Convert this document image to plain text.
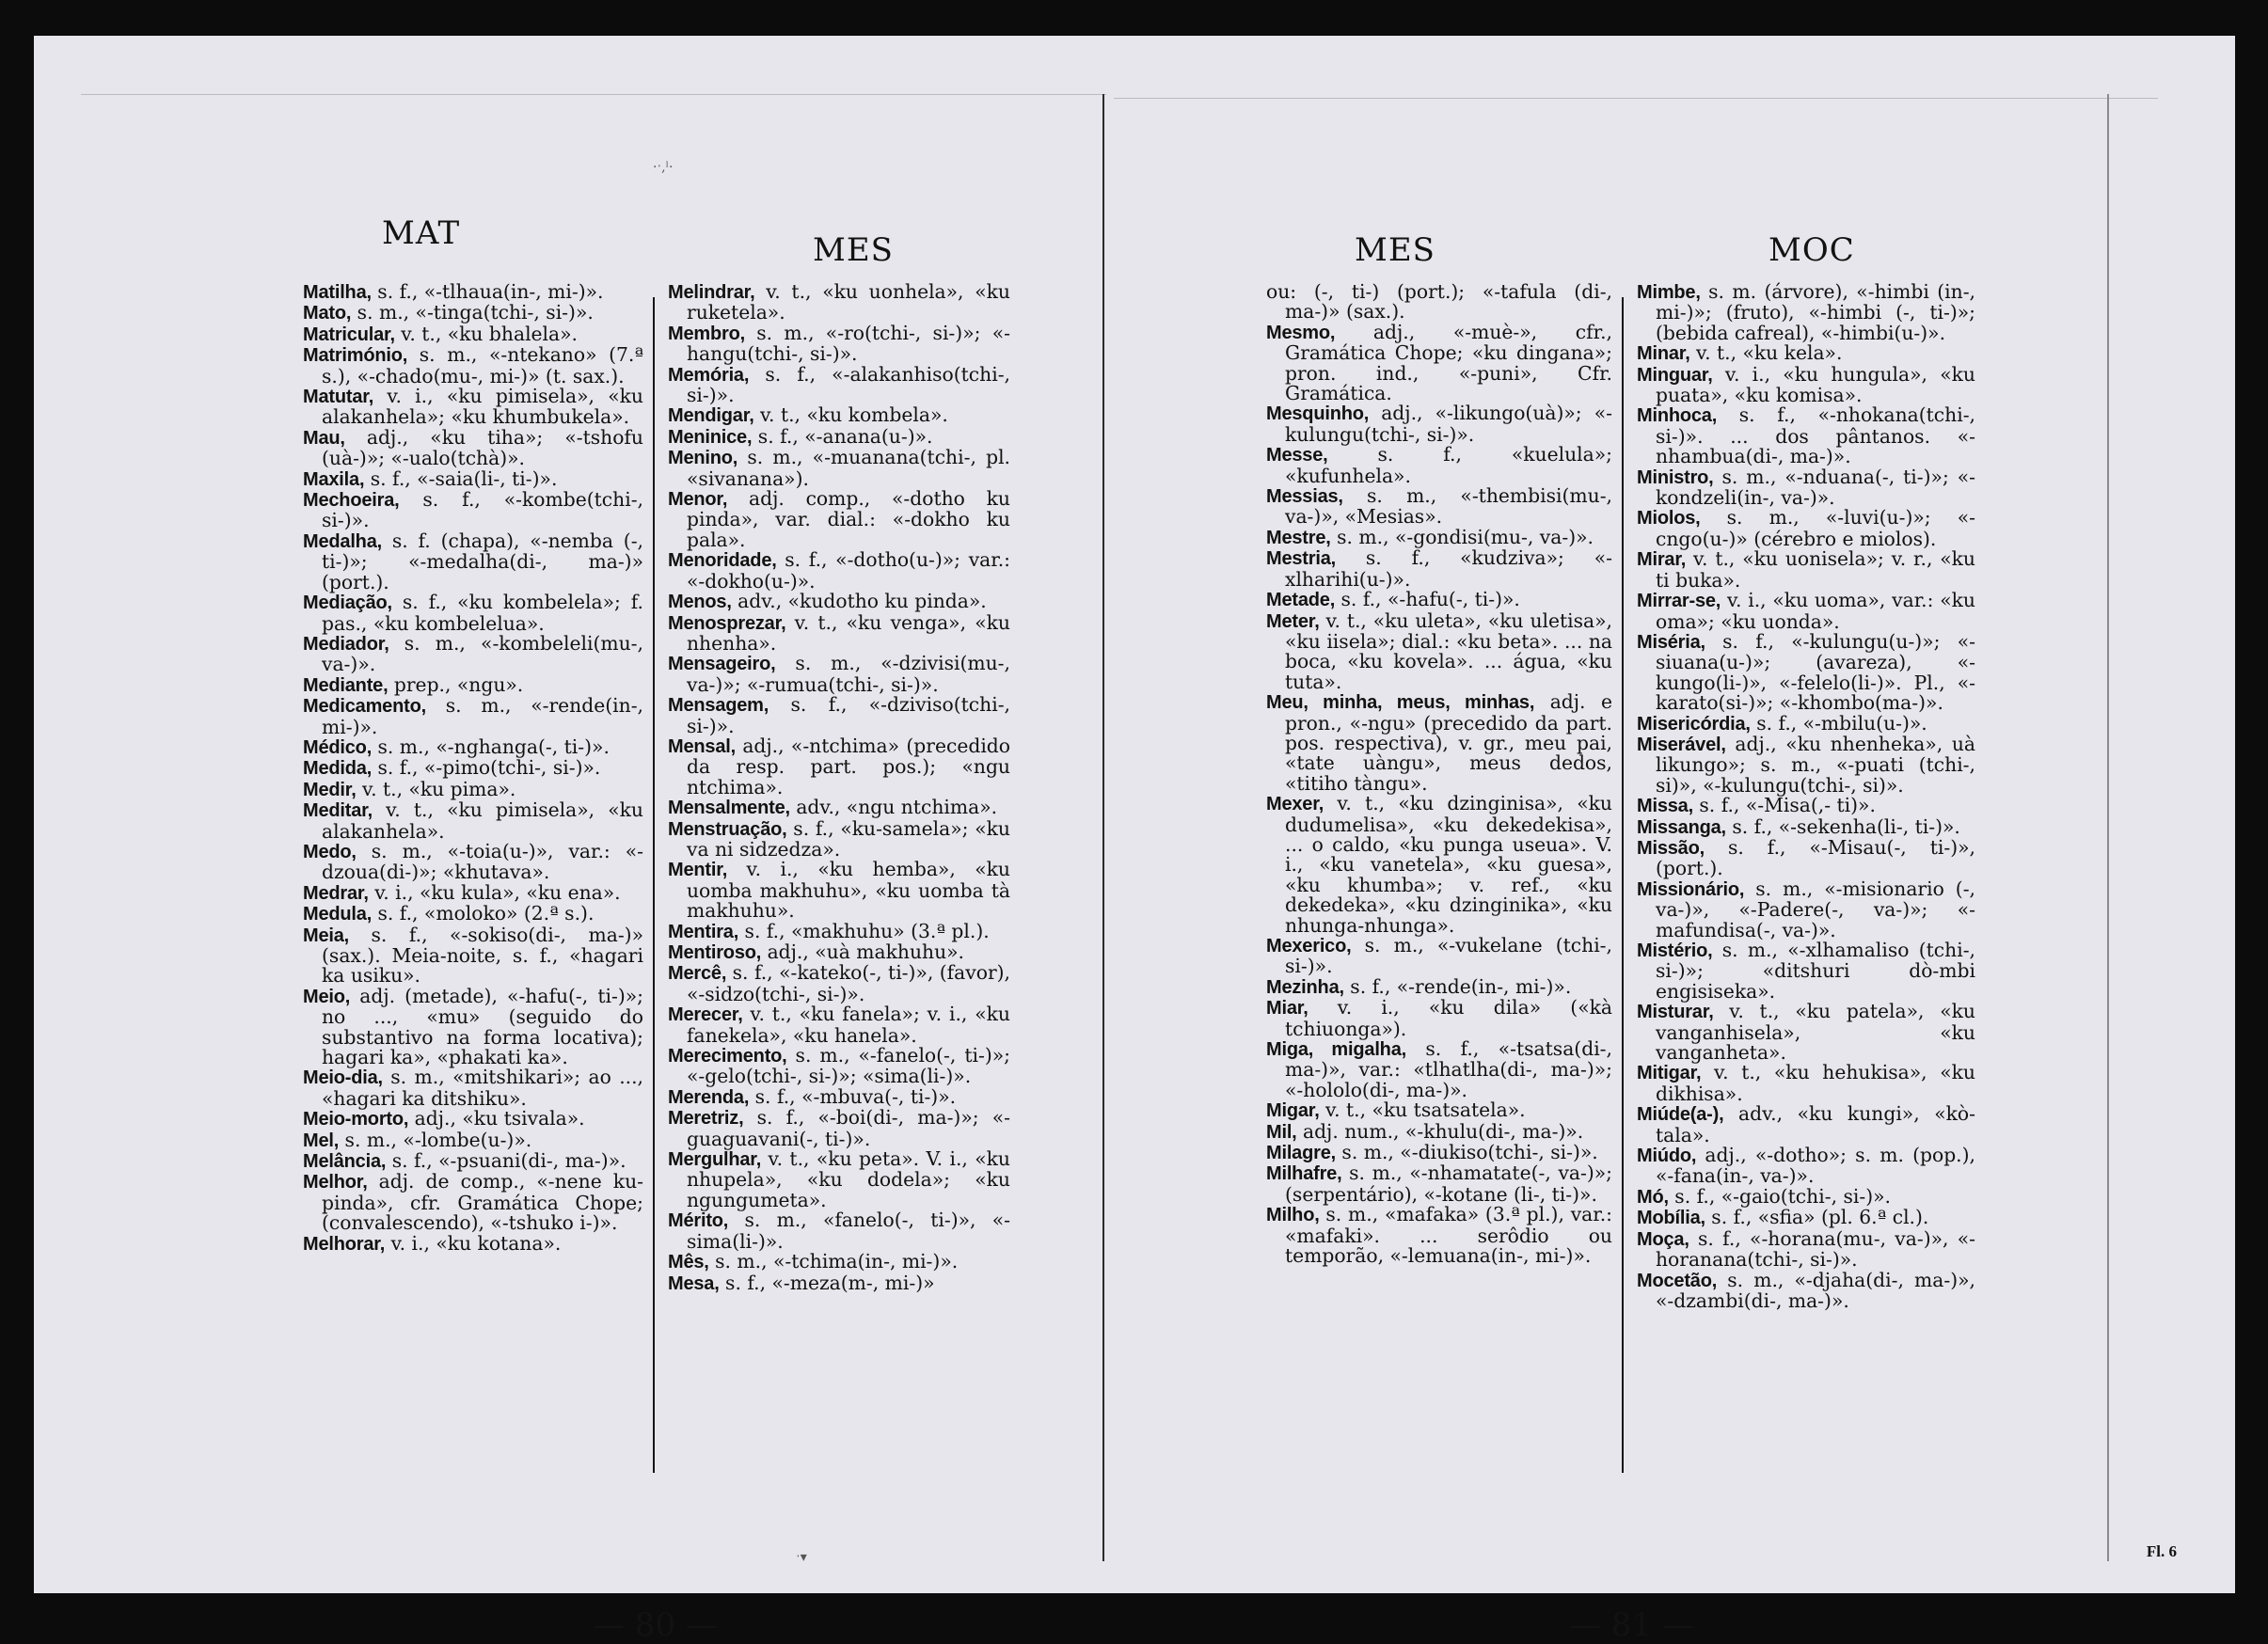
·ˑ,ˡ·
ˑ▾
MAT	MES

Matilha, s. f., «-tlhaua(in-, mi-)».

Mato, s. m., «-tinga(tchi-, si-)».

Matricular, v. t., «ku bhalela».

Matrimónio, s. m., «-ntekano» (7.ª s.), «-chado(mu-, mi-)» (t. sax.).

Matutar, v. i., «ku pimisela», «ku alakanhela»; «ku khumbukela».

Mau, adj., «ku tiha»; «-tshofu (uà-)»; «-ualo(tchà)».

Maxila, s. f., «-saia(li-, ti-)».

Mechoeira, s. f., «-kombe(tchi-, si-)».

Medalha, s. f. (chapa), «-nemba (-, ti-)»; «-medalha(di-, ma-)» (port.).

Mediação, s. f., «ku kombelela»; f. pas., «ku kombelelua».

Mediador, s. m., «-kombeleli(mu-, va-)».

Mediante, prep., «ngu».

Medicamento, s. m., «-rende(in-, mi-)».

Médico, s. m., «-nghanga(-, ti-)».

Medida, s. f., «-pimo(tchi-, si-)».

Medir, v. t., «ku pima».

Meditar, v. t., «ku pimisela», «ku alakanhela».

Medo, s. m., «-toia(u-)», var.: «-dzoua(di-)»; «khutava».

Medrar, v. i., «ku kula», «ku ena».

Medula, s. f., «moloko» (2.ª s.).

Meia, s. f., «-sokiso(di-, ma-)» (sax.). Meia-noite, s. f., «hagari ka usiku».

Meio, adj. (metade), «-hafu(-, ti-)»; no ..., «mu» (seguido do substantivo na forma locativa); hagari ka», «phakati ka».

Meio-dia, s. m., «mitshikari»; ao ..., «hagari ka ditshiku».

Meio-morto, adj., «ku tsivala».

Mel, s. m., «-lombe(u-)».

Melância, s. f., «-psuani(di-, ma-)».

Melhor, adj. de comp., «-nene ku-pinda», cfr. Gramática Chope; (convalescendo), «-tshuko i-)».

Melhorar, v. i., «ku kotana».

Melindrar, v. t., «ku uonhela», «ku ruketela».

Membro, s. m., «-ro(tchi-, si-)»; «-hangu(tchi-, si-)».

Memória, s. f., «-alakanhiso(tchi-, si-)».

Mendigar, v. t., «ku kombela».

Meninice, s. f., «-anana(u-)».

Menino, s. m., «-muanana(tchi-, pl. «sivanana»).

Menor, adj. comp., «-dotho ku pinda», var. dial.: «-dokho ku pala».

Menoridade, s. f., «-dotho(u-)»; var.: «-dokho(u-)».

Menos, adv., «kudotho ku pinda».

Menosprezar, v. t., «ku venga», «ku nhenha».

Mensageiro, s. m., «-dzivisi(mu-, va-)»; «-rumua(tchi-, si-)».

Mensagem, s. f., «-dziviso(tchi-, si-)».

Mensal, adj., «-ntchima» (precedido da resp. part. pos.); «ngu ntchima».

Mensalmente, adv., «ngu ntchima».

Menstruação, s. f., «ku-samela»; «ku va ni sidzedza».

Mentir, v. i., «ku hemba», «ku uomba makhuhu», «ku uomba tà makhuhu».

Mentira, s. f., «makhuhu» (3.ª pl.).

Mentiroso, adj., «uà makhuhu».

Mercê, s. f., «-kateko(-, ti-)», (favor), «-sidzo(tchi-, si-)».

Merecer, v. t., «ku fanela»; v. i., «ku fanekela», «ku hanela».

Merecimento, s. m., «-fanelo(-, ti-)»; «-gelo(tchi-, si-)»; «sima(li-)».

Merenda, s. f., «-mbuva(-, ti-)».

Meretriz, s. f., «-boi(di-, ma-)»; «-guaguavani(-, ti-)».

Mergulhar, v. t., «ku peta». V. i., «ku nhupela», «ku dodela»; «ku ngungumeta».

Mérito, s. m., «fanelo(-, ti-)», «-sima(li-)».

Mês, s. m., «-tchima(in-, mi-)».

Mesa, s. f., «-meza(m-, mi-)»

— 80 —
MES	MOC

ou: (-, ti-) (port.); «-tafula (di-, ma-)» (sax.).

Mesmo, adj., «-muè-», cfr., Gramática Chope; «ku dingana»; pron. ind., «-puni», Cfr. Gramática.

Mesquinho, adj., «-likungo(uà)»; «-kulungu(tchi-, si-)».

Messe, s. f., «kuelula»; «kufunhela».

Messias, s. m., «-thembisi(mu-, va-)», «Mesias».

Mestre, s. m., «-gondisi(mu-, va-)».

Mestria, s. f., «kudziva»; «-xlharihi(u-)».

Metade, s. f., «-hafu(-, ti-)».

Meter, v. t., «ku uleta», «ku uletisa», «ku iisela»; dial.: «ku beta». ... na boca, «ku kovela». ... água, «ku tuta».

Meu, minha, meus, minhas, adj. e pron., «-ngu» (precedido da part. pos. respectiva), v. gr., meu pai, «tate uàngu», meus dedos, «titiho tàngu».

Mexer, v. t., «ku dzinginisa», «ku dudumelisa», «ku dekedekisa», ... o caldo, «ku punga useua». V. i., «ku vanetela», «ku guesa», «ku khumba»; v. ref., «ku dekedeka», «ku dzinginika», «ku nhunga-nhunga».

Mexerico, s. m., «-vukelane (tchi-, si-)».

Mezinha, s. f., «-rende(in-, mi-)».

Miar, v. i., «ku dila» («kà tchiuonga»).

Miga, migalha, s. f., «-tsatsa(di-, ma-)», var.: «tlhatlha(di-, ma-)»; «-hololo(di-, ma-)».

Migar, v. t., «ku tsatsatela».

Mil, adj. num., «-khulu(di-, ma-)».

Milagre, s. m., «-diukiso(tchi-, si-)».

Milhafre, s. m., «-nhamatate(-, va-)»; (serpentário), «-kotane (li-, ti-)».

Milho, s. m., «mafaka» (3.ª pl.), var.: «mafaki». ... serôdio ou temporão, «-lemuana(in-, mi-)».

Mimbe, s. m. (árvore), «-himbi (in-, mi-)»; (fruto), «-himbi (-, ti-)»; (bebida cafreal), «-himbi(u-)».

Minar, v. t., «ku kela».

Minguar, v. i., «ku hungula», «ku puata», «ku komisa».

Minhoca, s. f., «-nhokana(tchi-, si-)». ... dos pântanos. «-nhambua(di-, ma-)».

Ministro, s. m., «-nduana(-, ti-)»; «-kondzeli(in-, va-)».

Miolos, s. m., «-luvi(u-)»; «-cngo(u-)» (cérebro e miolos).

Mirar, v. t., «ku uonisela»; v. r., «ku ti buka».

Mirrar-se, v. i., «ku uoma», var.: «ku oma»; «ku uonda».

Miséria, s. f., «-kulungu(u-)»; «-siuana(u-)»; (avareza), «-kungo(li-)», «-felelo(li-)». Pl., «-karato(si-)»; «-khombo(ma-)».

Misericórdia, s. f., «-mbilu(u-)».

Miserável, adj., «ku nhenheka», uà likungo»; s. m., «-puati (tchi-, si)», «-kulungu(tchi-, si)».

Missa, s. f., «-Misa(,- ti)».

Missanga, s. f., «-sekenha(li-, ti-)».

Missão, s. f., «-Misau(-, ti-)», (port.).

Missionário, s. m., «-misionario (-, va-)», «-Padere(-, va-)»; «-mafundisa(-, va-)».

Mistério, s. m., «-xlhamaliso (tchi-, si-)»; «ditshuri dò-mbi engisiseka».

Misturar, v. t., «ku patela», «ku vanganhisela», «ku vanganheta».

Mitigar, v. t., «ku hehukisa», «ku dikhisa».

Miúde(a-), adv., «ku kungi», «kò-tala».

Miúdo, adj., «-dotho»; s. m. (pop.), «-fana(in-, va-)».

Mó, s. f., «-gaio(tchi-, si-)».

Mobília, s. f., «sfia» (pl. 6.ª cl.).

Moça, s. f., «-horana(mu-, va-)», «-horanana(tchi-, si-)».

Mocetão, s. m., «-djaha(di-, ma-)», «-dzambi(di-, ma-)».

— 81 —
Fl. 6
